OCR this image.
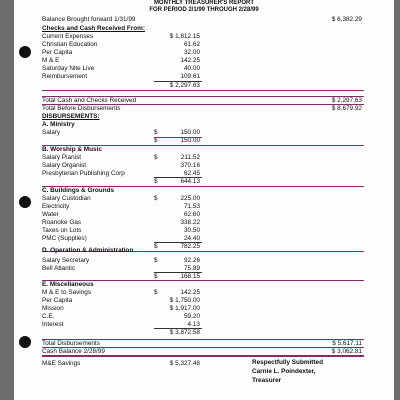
MONTHLY TREASURER'S REPORT
FOR PERIOD 2/1/99 THROUGH 2/28/99
Balance Brought forward 1/31/99	$ 6,382.29
Checks and Cash Received From:
Current Expenses	$ 1,812.15
Christian Education	61.62
Per Capita	32.00
M & E	142.25
Saturday Nite Live	40.00
Reimbursement	109.61
$ 2,297.63
Total Cash and Checks Received	$ 2,297.63
Total Before Disbursements	$ 8,679.92
DISBURSEMENTS:
A. Ministry
Salary	$	150.00
$	150.00
B. Worship & Music
Salary Pianist	$	211.52
Salary Organist	370.16
Presbyterian Publishing Corp	62.45
$	644.13
C. Buildings & Grounds
Salary Custodian	$	225.00
Electricity	71.53
Water	62.60
Roanoke Gas	338.22
Taxes on Lots	30.50
PMC (Supplies)	24.40
$	782.25
D. Operation & Administration
Salary Secretary	$	92.26
Bell Atlantic	75.89
$	168.15
E. Miscellaneous
M & E to Savings	$	142.25
Per Capita	$ 1,750.00
Mission	$ 1,917.00
C.E.	59.20
Interest	4.13
$ 3,872.58
Total Disbursements	$ 5,617.11
Cash Balance 2/28/99	$ 3,062.81
M&E Savings	$ 5,327.48	Respectfully Submitted
Carnie L. Poindexter,
Treasurer
